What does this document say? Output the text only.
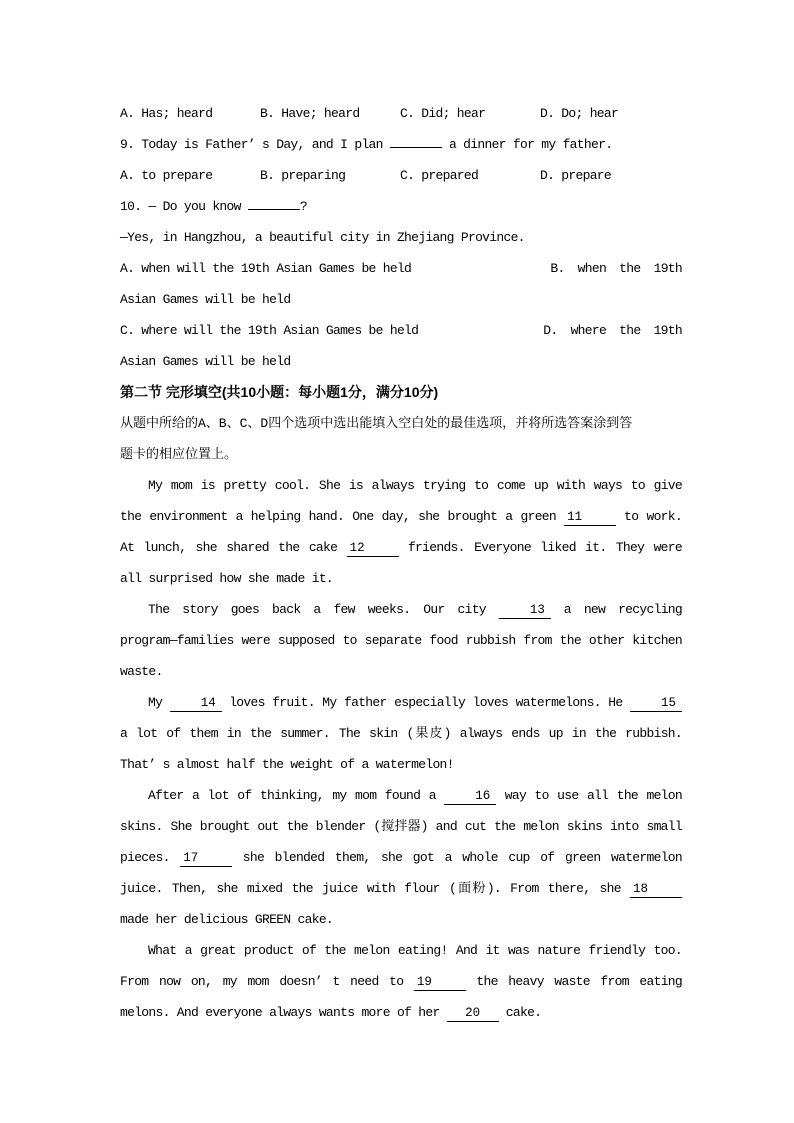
A. Has; heard	B. Have; heard	C. Did; hear	D. Do; hear
9. Today is Father’ s Day, and I plan	a dinner for my father.
A. to prepare	B. preparing	C. prepared	D. prepare
10. — Do you know	?
—Yes, in Hangzhou, a beautiful city in Zhejiang Province.
A. when will the 19th Asian Games be held	B. when the 19th
Asian Games will be held
C. where will the 19th Asian Games be held	D. where the 19th
Asian Games will be held
第二节 完形填空(共10小题：每小题1分，满分10分)
从题中所给的A、B、C、D四个选项中选出能填入空白处的最佳选项，并将所选答案涂到答
题卡的相应位置上。
My mom is pretty cool. She is always trying to come up with ways to give
the environment a helping hand. One day, she brought a green 11	to work.
At lunch, she shared the cake 12	friends. Everyone liked it. They were
all surprised how she made it.
The story goes back a few weeks. Our city 13 a new recycling
program—families were supposed to separate food rubbish from the other kitchen
waste.
My 14 loves fruit. My father especially loves watermelons. He 15
a lot of them in the summer. The skin (果皮) always ends up in the rubbish.
That’ s almost half the weight of a watermelon!
After a lot of thinking, my mom found a 16 way to use all the melon
skins. She brought out the blender (搅拌器) and cut the melon skins into small
pieces. 17	she blended them, she got a whole cup of green watermelon
juice. Then, she mixed the juice with flour (面粉). From there, she 18
made her delicious GREEN cake.
What a great product of the melon eating! And it was nature friendly too.
From now on, my mom doesn’ t need to 19	the heavy waste from eating
melons. And everyone always wants more of her 20 cake.
